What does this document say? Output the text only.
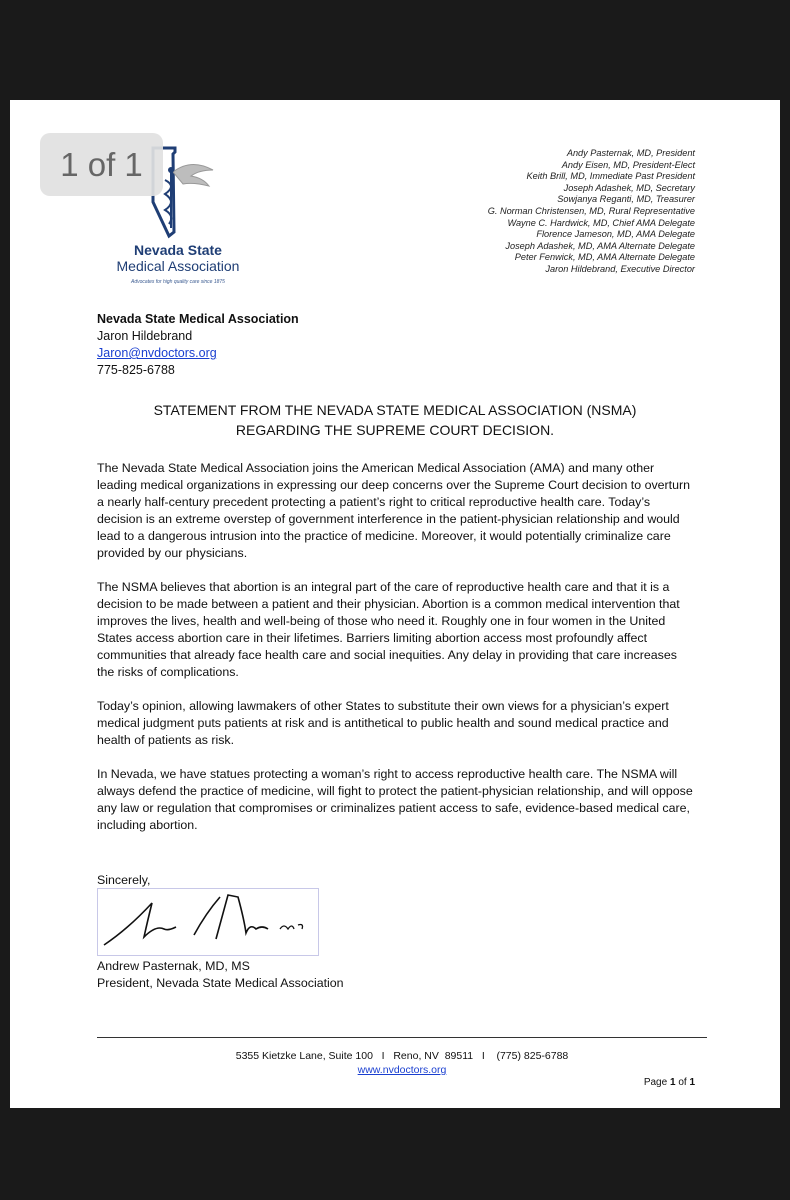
Nevada State
Medical Association
Advocates for high quality care since 1875
Andy Pasternak, MD, President
Andy Eisen, MD, President-Elect
Keith Brill, MD, Immediate Past President
Joseph Adashek, MD, Secretary
Sowjanya Reganti, MD, Treasurer
G. Norman Christensen, MD, Rural Representative
Wayne C. Hardwick, MD, Chief AMA Delegate
Florence Jameson, MD, AMA Delegate
Joseph Adashek, MD, AMA Alternate Delegate
Peter Fenwick, MD, AMA Alternate Delegate
Jaron Hildebrand, Executive Director
Nevada State Medical Association
Jaron Hildebrand
Jaron@nvdoctors.org
775-825-6788
STATEMENT FROM THE NEVADA STATE MEDICAL ASSOCIATION (NSMA)
REGARDING THE SUPREME COURT DECISION.

The Nevada State Medical Association joins the American Medical Association (AMA) and many other leading medical organizations in expressing our deep concerns over the Supreme Court decision to overturn a nearly half-century precedent protecting a patient’s right to critical reproductive health care. Today’s decision is an extreme overstep of government interference in the patient-physician relationship and would lead to a dangerous intrusion into the practice of medicine. Moreover, it would potentially criminalize care provided by our physicians.

The NSMA believes that abortion is an integral part of the care of reproductive health care and that it is a decision to be made between a patient and their physician. Abortion is a common medical intervention that improves the lives, health and well-being of those who need it. Roughly one in four women in the United States access abortion care in their lifetimes. Barriers limiting abortion access most profoundly affect communities that already face health care and social inequities. Any delay in providing that care increases the risks of complications.

Today’s opinion, allowing lawmakers of other States to substitute their own views for a physician’s expert medical judgment puts patients at risk and is antithetical to public health and sound medical practice and health of patients as risk.

In Nevada, we have statues protecting a woman’s right to access reproductive health care. The NSMA will always defend the practice of medicine, will fight to protect the patient-physician relationship, and will oppose any law or regulation that compromises or criminalizes patient access to safe, evidence-based medical care, including abortion.

Sincerely,
Andrew Pasternak, MD, MS
President, Nevada State Medical Association
5355 Kietzke Lane, Suite 100   I   Reno, NV  89511   I    (775) 825-6788
www.nvdoctors.org
Page 1 of 1
1 of 1
